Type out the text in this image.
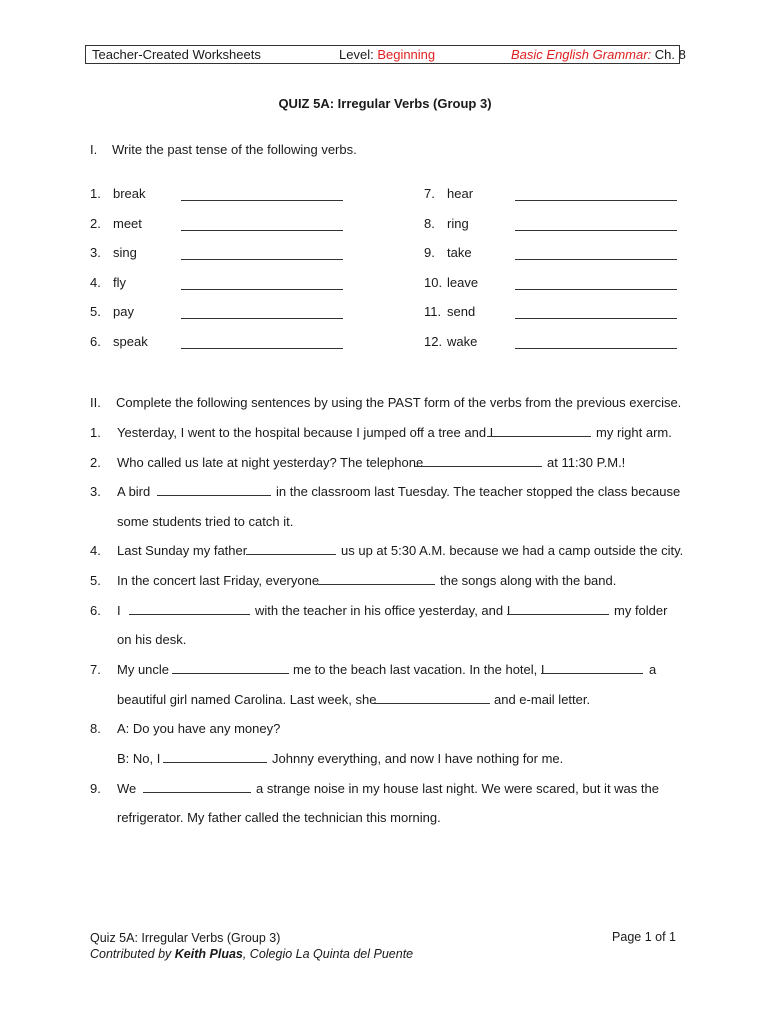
Teacher-Created Worksheets	Level: Beginning	Basic English Grammar: Ch. 8
QUIZ 5A: Irregular Verbs (Group 3)
I. Write the past tense of the following verbs.
1. break
2. meet
3. sing
4. fly
5. pay
6. speak
7. hear
8. ring
9. take
10. leave
11. send
12. wake
II. Complete the following sentences by using the PAST form of the verbs from the previous exercise.
1. Yesterday, I went to the hospital because I jumped off a tree and I	my right arm.
2. Who called us late at night yesterday? The telephone	at 11:30 P.M.!
3. A bird	in the classroom last Tuesday. The teacher stopped the class because
some students tried to catch it.
4. Last Sunday my father	us up at 5:30 A.M. because we had a camp outside the city.
5. In the concert last Friday, everyone	the songs along with the band.
6. I	with the teacher in his office yesterday, and I	my folder
on his desk.
7. My uncle	me to the beach last vacation. In the hotel, I	a
beautiful girl named Carolina. Last week, she	and e-mail letter.
8. A: Do you have any money?
B: No, I	Johnny everything, and now I have nothing for me.
9. We	a strange noise in my house last night. We were scared, but it was the
refrigerator. My father called the technician this morning.
Quiz 5A: Irregular Verbs (Group 3)
Contributed by Keith Pluas, Colegio La Quinta del Puente
Page 1 of 1
